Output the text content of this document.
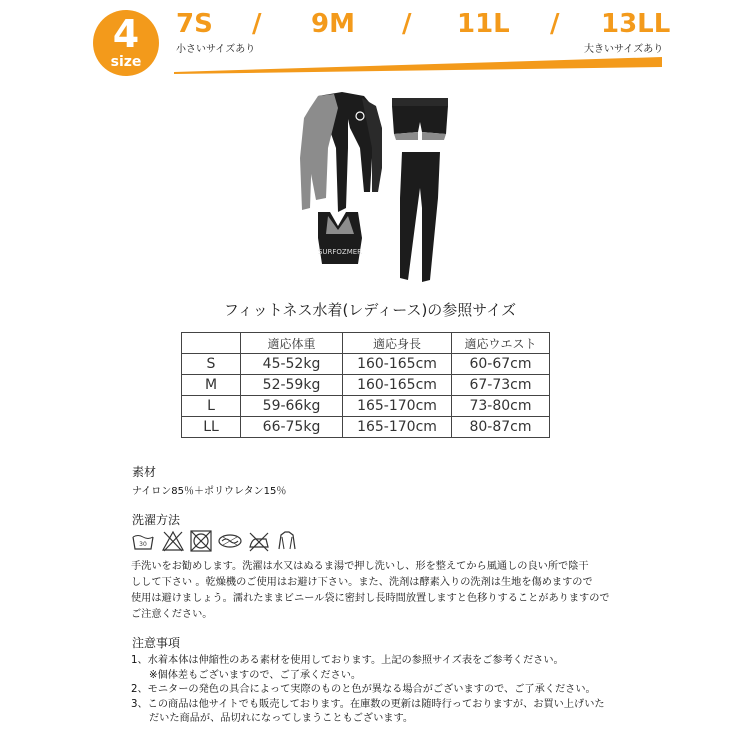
4
size
7S / 9M / 11L / 13LL
小さいサイズあり	大きいサイズあり
SURFOZMER
フィットネス水着(レディース)の参照サイズ
	適応体重	適応身長	適応ウエスト
S	45-52kg	160-165cm	60-67cm
M	52-59kg	160-165cm	67-73cm
L	59-66kg	165-170cm	73-80cm
LL	66-75kg	165-170cm	80-87cm
素材
ナイロン85％＋ポリウレタン15％
洗濯方法
30
手洗いをお勧めします。洗濯は水又はぬるま湯で押し洗いし、形を整えてから風通しの良い所で陰干
しして下さい 。乾燥機のご使用はお避け下さい。また、洗剤は酵素入りの洗剤は生地を傷めますので
使用は避けましょう。濡れたままビニール袋に密封し長時間放置しますと色移りすることがありますので
ご注意ください。
注意事項
1、水着本体は伸縮性のある素材を使用しております。上記の参照サイズ表をご参考ください。
※個体差もございますので、ご了承ください。
2、モニターの発色の具合によって実際のものと色が異なる場合がございますので、ご了承ください。
3、この商品は他サイトでも販売しております。在庫数の更新は随時行っておりますが、お買い上げいた
だいた商品が、品切れになってしまうこともございます。
